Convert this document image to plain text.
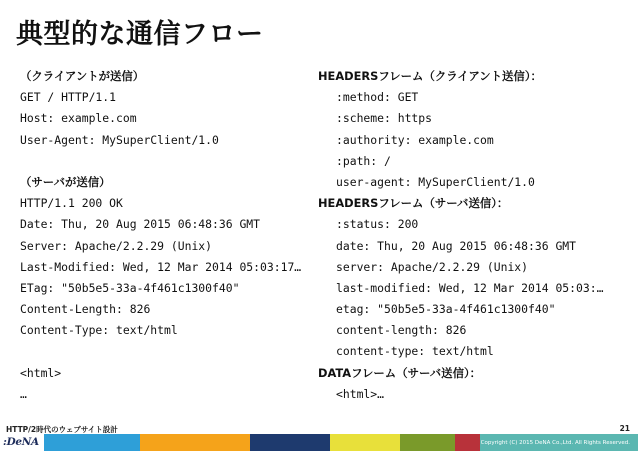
典型的な通信フロー
（クライアントが送信）
GET / HTTP/1.1
Host: example.com
User-Agent: MySuperClient/1.0
（サーバが送信）
HTTP/1.1 200 OK
Date: Thu, 20 Aug 2015 06:48:36 GMT
Server: Apache/2.2.29 (Unix)
Last-Modified: Wed, 12 Mar 2014 05:03:17…
ETag: "50b5e5-33a-4f461c1300f40"
Content-Length: 826
Content-Type: text/html
<html>
…
HEADERSフレーム（クライアント送信）：
:method: GET
:scheme: https
:authority: example.com
:path: /
user-agent: MySuperClient/1.0
HEADERSフレーム（サーバ送信）：
:status: 200
date: Thu, 20 Aug 2015 06:48:36 GMT
server: Apache/2.2.29 (Unix)
last-modified: Wed, 12 Mar 2014 05:03:…
etag: "50b5e5-33a-4f461c1300f40"
content-length: 826
content-type: text/html
DATAフレーム（サーバ送信）：
<html>…
HTTP/2時代のウェブサイト設計	21
:DeNA	Copyright (C) 2015 DeNA Co.,Ltd. All Rights Reserved.
